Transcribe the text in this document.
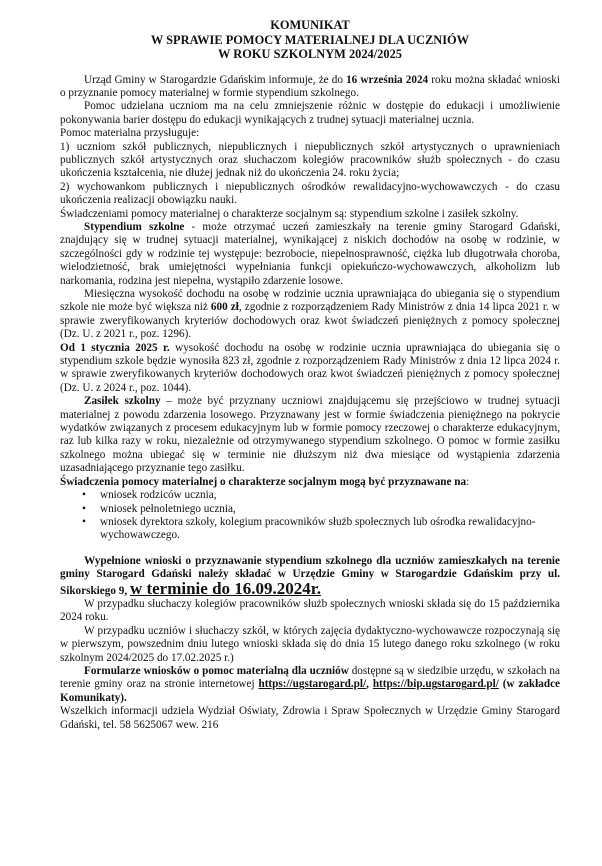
KOMUNIKAT
W SPRAWIE POMOCY MATERIALNEJ DLA UCZNIÓW
W ROKU SZKOLNYM 2024/2025

Urząd Gminy w Starogardzie Gdańskim informuje, że do 16 września 2024 roku można składać wnioski o przyznanie pomocy materialnej w formie stypendium szkolnego.

Pomoc udzielana uczniom ma na celu zmniejszenie różnic w dostępie do edukacji i umożliwienie pokonywania barier dostępu do edukacji wynikających z trudnej sytuacji materialnej ucznia.

Pomoc materialna przysługuje:

1) uczniom szkół publicznych, niepublicznych i niepublicznych szkół artystycznych o uprawnieniach publicznych szkół artystycznych oraz słuchaczom kolegiów pracowników służb społecznych - do czasu ukończenia kształcenia, nie dłużej jednak niż do ukończenia 24. roku życia;

2) wychowankom publicznych i niepublicznych ośrodków rewalidacyjno-wychowawczych - do czasu ukończenia realizacji obowiązku nauki.

Świadczeniami pomocy materialnej o charakterze socjalnym są: stypendium szkolne i zasiłek szkolny.

Stypendium szkolne - może otrzymać uczeń zamieszkały na terenie gminy Starogard Gdański, znajdujący się w trudnej sytuacji materialnej, wynikającej z niskich dochodów na osobę w rodzinie, w szczególności gdy w rodzinie tej występuje: bezrobocie, niepełnosprawność, ciężka lub długotrwała choroba, wielodzietność, brak umiejętności wypełniania funkcji opiekuńczo-wychowawczych, alkoholizm lub narkomania, rodzina jest niepełna, wystąpiło zdarzenie losowe.

Miesięczna wysokość dochodu na osobę w rodzinie ucznia uprawniająca do ubiegania się o stypendium szkole nie może być większa niż 600 zł, zgodnie z rozporządzeniem Rady Ministrów z dnia 14 lipca 2021 r. w sprawie zweryfikowanych kryteriów dochodowych oraz kwot świadczeń pieniężnych z pomocy społecznej (Dz. U. z 2021 r., poz. 1296).

Od 1 stycznia 2025 r. wysokość dochodu na osobę w rodzinie ucznia uprawniająca do ubiegania się o stypendium szkole będzie wynosiła 823 zł, zgodnie z rozporządzeniem Rady Ministrów z dnia 12 lipca 2024 r. w sprawie zweryfikowanych kryteriów dochodowych oraz kwot świadczeń pieniężnych z pomocy społecznej (Dz. U. z 2024 r., poz. 1044).

Zasiłek szkolny – może być przyznany uczniowi znajdującemu się przejściowo w trudnej sytuacji materialnej z powodu zdarzenia losowego. Przyznawany jest w formie świadczenia pieniężnego na pokrycie wydatków związanych z procesem edukacyjnym lub w formie pomocy rzeczowej o charakterze edukacyjnym, raz lub kilka razy w roku, niezależnie od otrzymywanego stypendium szkolnego. O pomoc w formie zasiłku szkolnego można ubiegać się w terminie nie dłuższym niż dwa miesiące od wystąpienia zdarzenia uzasadniającego przyznanie tego zasiłku.

Świadczenia pomocy materialnej o charakterze socjalnym mogą być przyznawane na:

• wniosek rodziców ucznia,
• wniosek pełnoletniego ucznia,
• wniosek dyrektora szkoły, kolegium pracowników służb społecznych lub ośrodka rewalidacyjno-wychowawczego.

Wypełnione wnioski o przyznawanie stypendium szkolnego dla uczniów zamieszkałych na terenie gminy Starogard Gdański należy składać w Urzędzie Gminy w Starogardzie Gdańskim przy ul. Sikorskiego 9, w terminie do 16.09.2024r.

W przypadku słuchaczy kolegiów pracowników służb społecznych wnioski składa się do 15 października 2024 roku.

W przypadku uczniów i słuchaczy szkół, w których zajęcia dydaktyczno-wychowawcze rozpoczynają się w pierwszym, powszednim dniu lutego wnioski składa się do dnia 15 lutego danego roku szkolnego (w roku szkolnym 2024/2025 do 17.02.2025 r.)

Formularze wniosków o pomoc materialną dla uczniów dostępne są w siedzibie urzędu, w szkołach na terenie gminy oraz na stronie internetowej https://ugstarogard.pl/, https://bip.ugstarogard.pl/ (w zakładce Komunikaty).

Wszelkich informacji udziela Wydział Oświaty, Zdrowia i Spraw Społecznych w Urzędzie Gminy Starogard Gdański, tel. 58 5625067 wew. 216
